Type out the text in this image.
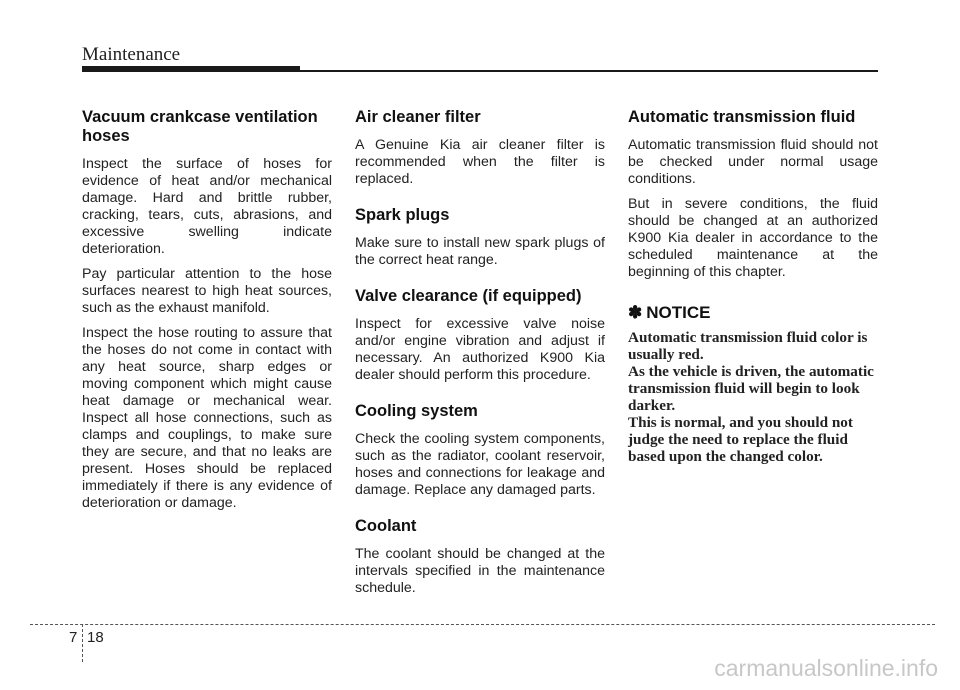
Maintenance
Vacuum crankcase ventilation hoses

Inspect the surface of hoses for evidence of heat and/or mechanical damage. Hard and brittle rubber, cracking, tears, cuts, abrasions, and excessive swelling indicate deterioration.

Pay particular attention to the hose surfaces nearest to high heat sources, such as the exhaust manifold.

Inspect the hose routing to assure that the hoses do not come in contact with any heat source, sharp edges or moving component which might cause heat damage or mechanical wear. Inspect all hose connections, such as clamps and couplings, to make sure they are secure, and that no leaks are present. Hoses should be replaced immediately if there is any evidence of deterioration or damage.

Air cleaner filter

A Genuine Kia air cleaner filter is recommended when the filter is replaced.

Spark plugs

Make sure to install new spark plugs of the correct heat range.

Valve clearance (if equipped)

Inspect for excessive valve noise and/or engine vibration and adjust if necessary. An authorized K900 Kia dealer should perform this procedure.

Cooling system

Check the cooling system components, such as the radiator, coolant reservoir, hoses and connections for leakage and damage. Replace any damaged parts.

Coolant

The coolant should be changed at the intervals specified in the maintenance schedule.

Automatic transmission fluid

Automatic transmission fluid should not be checked under normal usage conditions.

But in severe conditions, the fluid should be changed at an authorized K900 Kia dealer in accordance to the scheduled maintenance at the beginning of this chapter.

✽ NOTICE
Automatic transmission fluid color is usually red.
As the vehicle is driven, the automatic transmission fluid will begin to look darker.
This is normal, and you should not judge the need to replace the fluid based upon the changed color.
7 18
carmanualsonline.info
